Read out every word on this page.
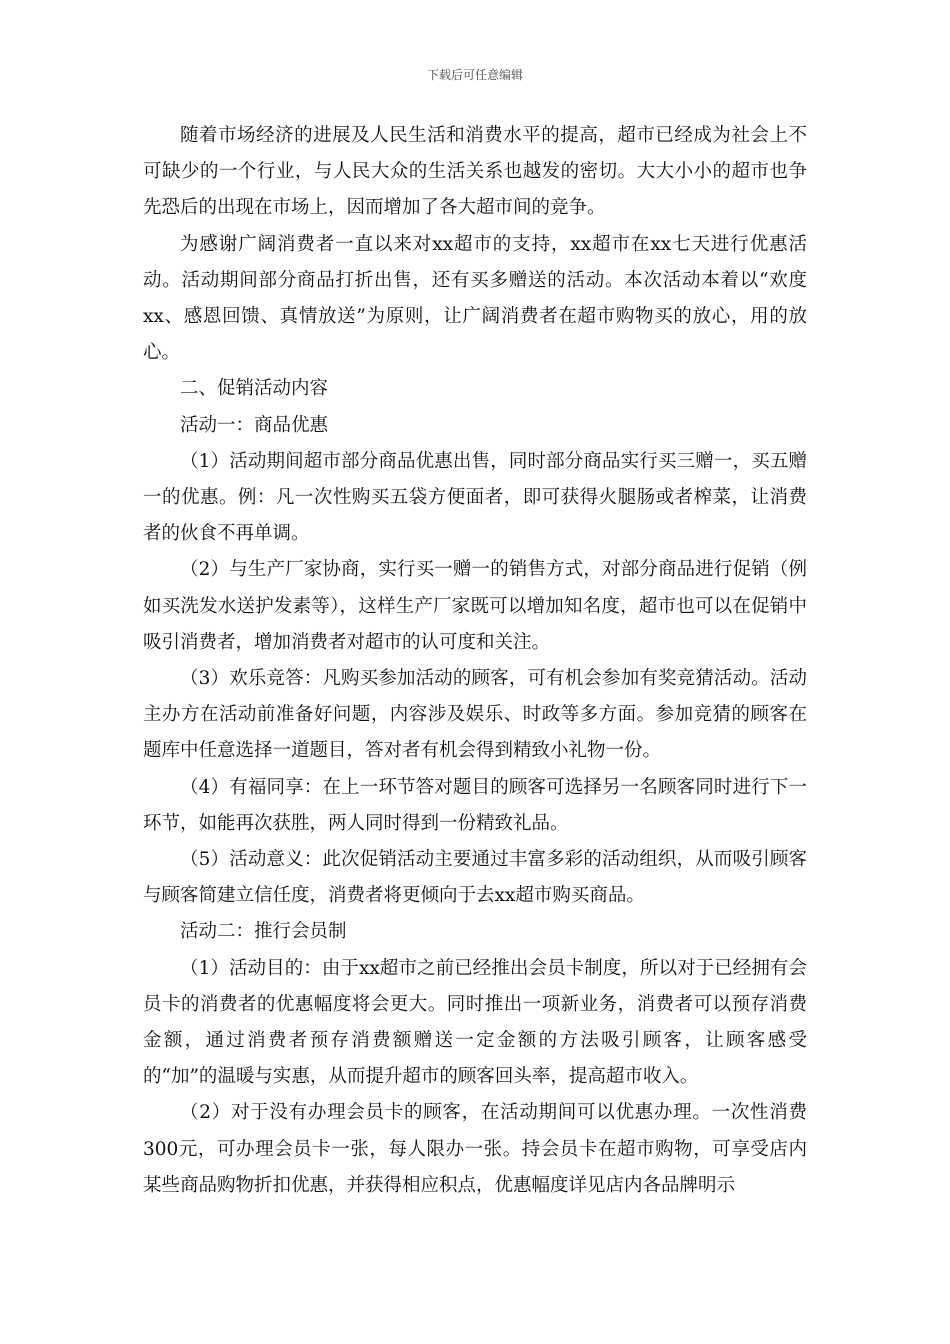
下载后可任意编辑

随着市场经济的进展及人民生活和消费水平的提高，超市已经成为社会上不可缺少的一个行业，与人民大众的生活关系也越发的密切。大大小小的超市也争先恐后的出现在市场上，因而增加了各大超市间的竞争。

为感谢广阔消费者一直以来对xx超市的支持，xx超市在xx七天进行优惠活动。活动期间部分商品打折出售，还有买多赠送的活动。本次活动本着以“欢度xx、感恩回馈、真情放送”为原则，让广阔消费者在超市购物买的放心，用的放心。

二、促销活动内容

活动一：商品优惠

（1）活动期间超市部分商品优惠出售，同时部分商品实行买三赠一，买五赠一的优惠。例：凡一次性购买五袋方便面者，即可获得火腿肠或者榨菜，让消费者的伙食不再单调。

（2）与生产厂家协商，实行买一赠一的销售方式，对部分商品进行促销（例如买洗发水送护发素等），这样生产厂家既可以增加知名度，超市也可以在促销中吸引消费者，增加消费者对超市的认可度和关注。

（3）欢乐竞答：凡购买参加活动的顾客，可有机会参加有奖竞猜活动。活动主办方在活动前准备好问题，内容涉及娱乐、时政等多方面。参加竞猜的顾客在题库中任意选择一道题目，答对者有机会得到精致小礼物一份。

（4）有福同享：在上一环节答对题目的顾客可选择另一名顾客同时进行下一环节，如能再次获胜，两人同时得到一份精致礼品。

（5）活动意义：此次促销活动主要通过丰富多彩的活动组织，从而吸引顾客与顾客简建立信任度，消费者将更倾向于去xx超市购买商品。

活动二：推行会员制

（1）活动目的：由于xx超市之前已经推出会员卡制度，所以对于已经拥有会员卡的消费者的优惠幅度将会更大。同时推出一项新业务，消费者可以预存消费金额，通过消费者预存消费额赠送一定金额的方法吸引顾客，让顾客感受的“加”的温暖与实惠，从而提升超市的顾客回头率，提高超市收入。

（2）对于没有办理会员卡的顾客，在活动期间可以优惠办理。一次性消费300元，可办理会员卡一张，每人限办一张。持会员卡在超市购物，可享受店内某些商品购物折扣优惠，并获得相应积点，优惠幅度详见店内各品牌明示
